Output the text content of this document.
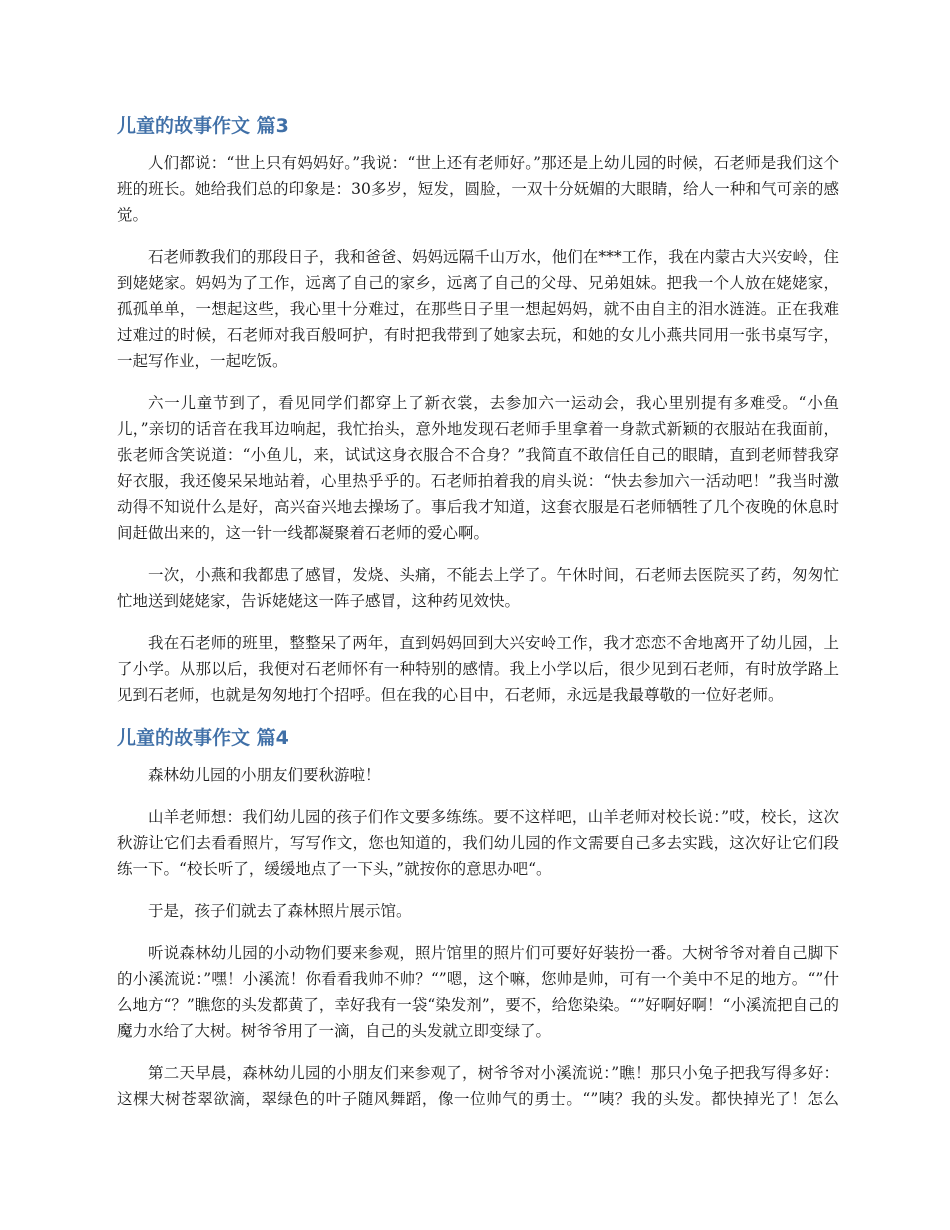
儿童的故事作文 篇3

人们都说：“世上只有妈妈好。”我说：“世上还有老师好。”那还是上幼儿园的时候，石老师是我们这个班的班长。她给我们总的印象是：30多岁，短发，圆脸，一双十分妩媚的大眼睛，给人一种和气可亲的感觉。

石老师教我们的那段日子，我和爸爸、妈妈远隔千山万水，他们在***工作，我在内蒙古大兴安岭，住到姥姥家。妈妈为了工作，远离了自己的家乡，远离了自己的父母、兄弟姐妹。把我一个人放在姥姥家，孤孤单单，一想起这些，我心里十分难过，在那些日子里一想起妈妈，就不由自主的泪水涟涟。正在我难过难过的时候，石老师对我百般呵护，有时把我带到了她家去玩，和她的女儿小燕共同用一张书桌写字，一起写作业，一起吃饭。

六一儿童节到了，看见同学们都穿上了新衣裳，去参加六一运动会，我心里别提有多难受。“小鱼儿，”亲切的话音在我耳边响起，我忙抬头，意外地发现石老师手里拿着一身款式新颖的衣服站在我面前，张老师含笑说道：“小鱼儿，来，试试这身衣服合不合身？”我简直不敢信任自己的眼睛，直到老师替我穿好衣服，我还傻呆呆地站着，心里热乎乎的。石老师拍着我的肩头说：“快去参加六一活动吧！”我当时激动得不知说什么是好，高兴奋兴地去操场了。事后我才知道，这套衣服是石老师牺牲了几个夜晚的休息时间赶做出来的，这一针一线都凝聚着石老师的爱心啊。

一次，小燕和我都患了感冒，发烧、头痛，不能去上学了。午休时间，石老师去医院买了药，匆匆忙忙地送到姥姥家，告诉姥姥这一阵子感冒，这种药见效快。

我在石老师的班里，整整呆了两年，直到妈妈回到大兴安岭工作，我才恋恋不舍地离开了幼儿园，上了小学。从那以后，我便对石老师怀有一种特别的感情。我上小学以后，很少见到石老师，有时放学路上见到石老师，也就是匆匆地打个招呼。但在我的心目中，石老师，永远是我最尊敬的一位好老师。

儿童的故事作文 篇4

森林幼儿园的小朋友们要秋游啦！

山羊老师想：我们幼儿园的孩子们作文要多练练。要不这样吧，山羊老师对校长说：”哎，校长，这次秋游让它们去看看照片，写写作文，您也知道的，我们幼儿园的作文需要自己多去实践，这次好让它们段练一下。“校长听了，缓缓地点了一下头，”就按你的意思办吧“。

于是，孩子们就去了森林照片展示馆。

听说森林幼儿园的小动物们要来参观，照片馆里的照片们可要好好装扮一番。大树爷爷对着自己脚下的小溪流说：”嘿！小溪流！你看看我帅不帅？“”嗯，这个嘛，您帅是帅，可有一个美中不足的地方。“”什么地方“？”瞧您的头发都黄了，幸好我有一袋“染发剂”，要不，给您染染。“”好啊好啊！“小溪流把自己的魔力水给了大树。树爷爷用了一滴，自己的头发就立即变绿了。

第二天早晨，森林幼儿园的小朋友们来参观了，树爷爷对小溪流说：”瞧！那只小兔子把我写得多好：这棵大树苍翠欲滴，翠绿色的叶子随风舞蹈，像一位帅气的勇士。“”咦？我的头发。都快掉光了！怎么
